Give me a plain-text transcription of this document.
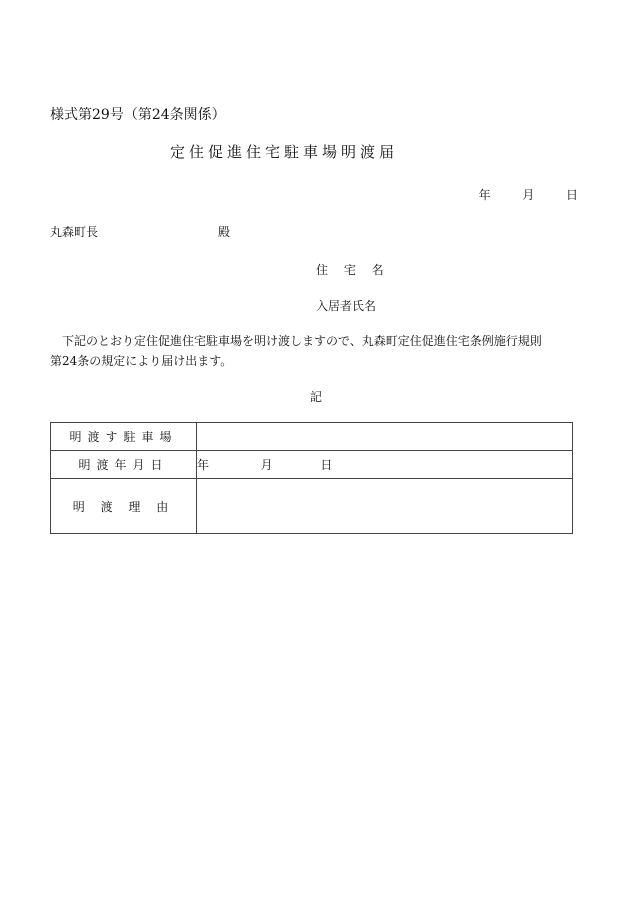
様式第29号（第24条関係）
定住促進住宅駐車場明渡届
年	月	日
丸森町長	殿
住 宅 名
入居者氏名
下記のとおり定住促進住宅駐車場を明け渡しますので、丸森町定住促進住宅条例施行規則
第24条の規定により届け出ます。
記
明渡す駐車場	
明渡年月日	年 月 日
明 渡 理 由	
